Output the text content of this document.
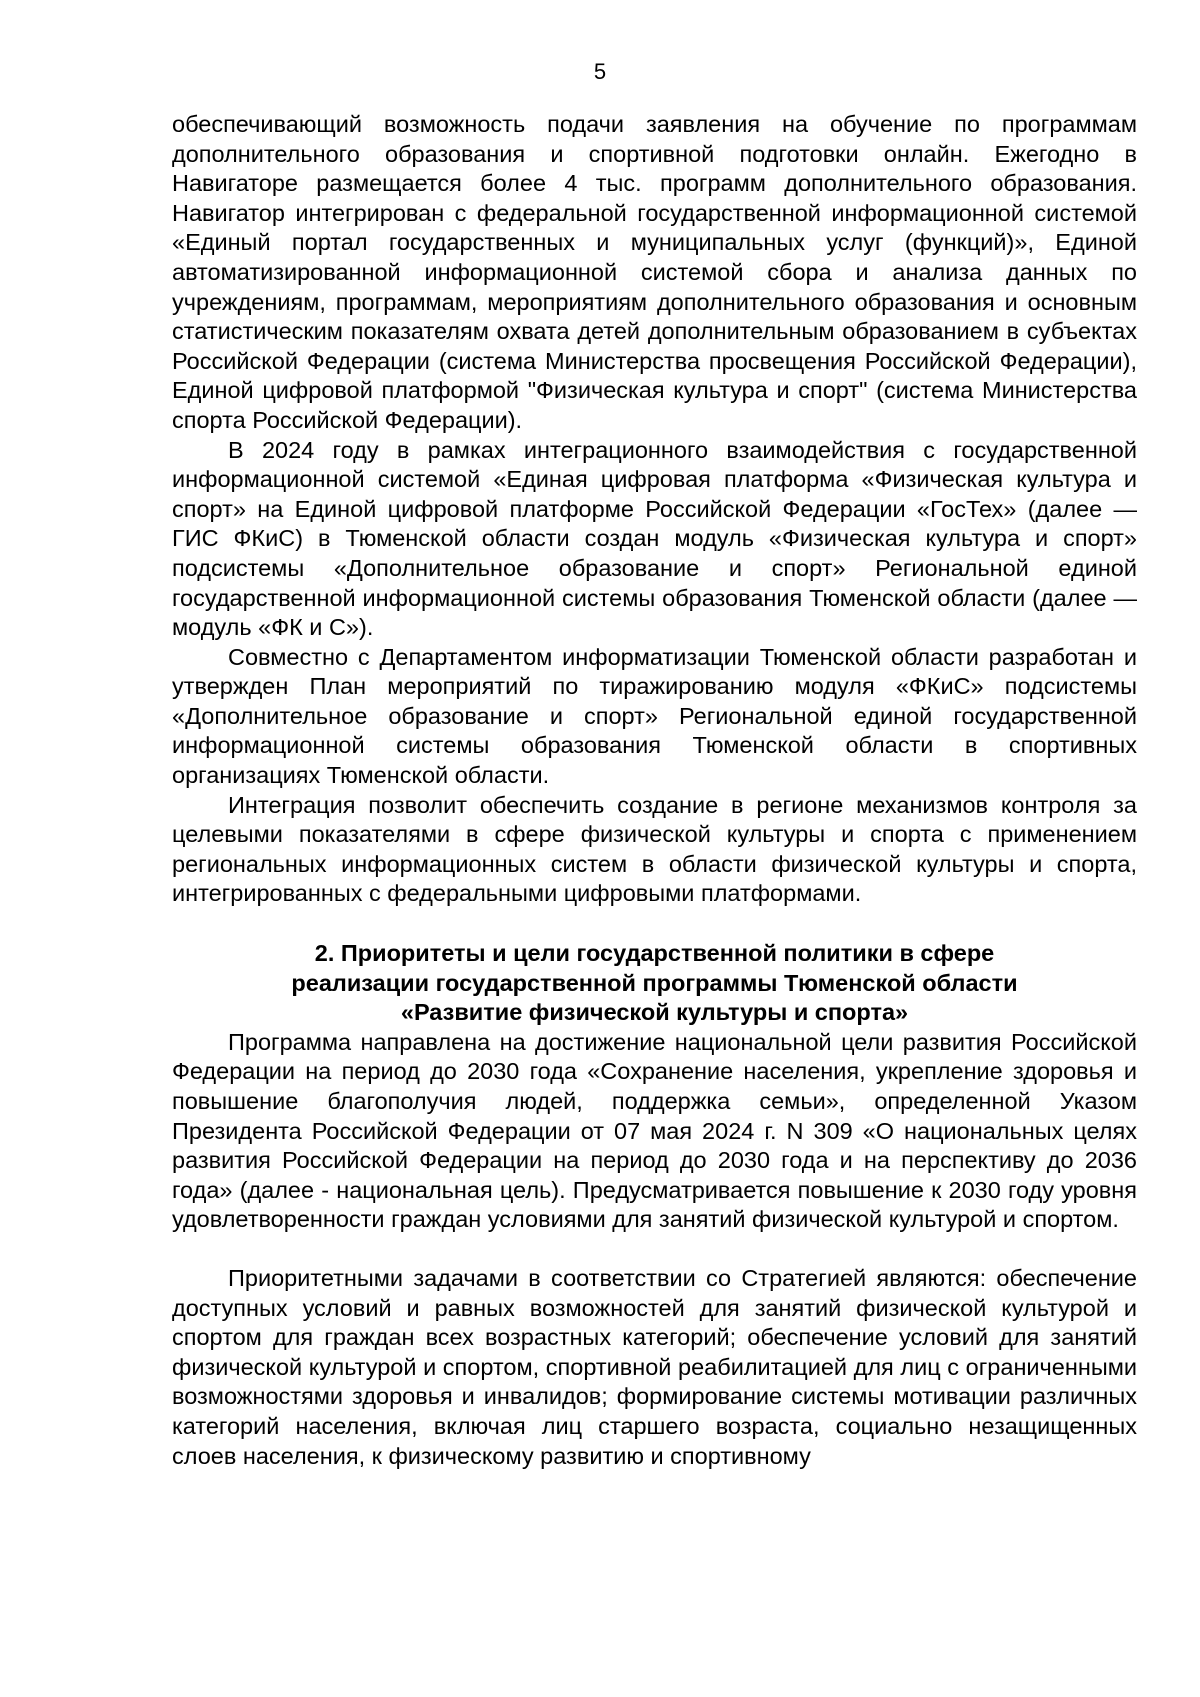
5

обеспечивающий возможность подачи заявления на обучение по программам дополнительного образования и спортивной подготовки онлайн. Ежегодно в Навигаторе размещается более 4 тыс. программ дополнительного образования. Навигатор интегрирован с федеральной государственной информационной системой «Единый портал государственных и муниципальных услуг (функций)», Единой автоматизированной информационной системой сбора и анализа данных по учреждениям, программам, мероприятиям дополнительного образования и основным статистическим показателям охвата детей дополнительным образованием в субъектах Российской Федерации (система Министерства просвещения Российской Федерации), Единой цифровой платформой "Физическая культура и спорт" (система Министерства спорта Российской Федерации).

В 2024 году в рамках интеграционного взаимодействия с государственной информационной системой «Единая цифровая платформа «Физическая культура и спорт» на Единой цифровой платформе Российской Федерации «ГосТех» (далее — ГИС ФКиС) в Тюменской области создан модуль «Физическая культура и спорт» подсистемы «Дополнительное образование и спорт» Региональной единой государственной информационной системы образования Тюменской области (далее — модуль «ФК и С»).

Совместно с Департаментом информатизации Тюменской области разработан и утвержден План мероприятий по тиражированию модуля «ФКиС» подсистемы «Дополнительное образование и спорт» Региональной единой государственной информационной системы образования Тюменской области в спортивных организациях Тюменской области.

Интеграция позволит обеспечить создание в регионе механизмов контроля за целевыми показателями в сфере физической культуры и спорта с применением региональных информационных систем в области физической культуры и спорта, интегрированных с федеральными цифровыми платформами.

2. Приоритеты и цели государственной политики в сфере
реализации государственной программы Тюменской области
«Развитие физической культуры и спорта»

Программа направлена на достижение национальной цели развития Российской Федерации на период до 2030 года «Сохранение населения, укрепление здоровья и повышение благополучия людей, поддержка семьи», определенной Указом Президента Российской Федерации от 07 мая 2024 г. N 309 «О национальных целях развития Российской Федерации на период до 2030 года и на перспективу до 2036 года» (далее - национальная цель). Предусматривается повышение к 2030 году уровня удовлетворенности граждан условиями для занятий физической культурой и спортом.

Приоритетными задачами в соответствии со Стратегией являются: обеспечение доступных условий и равных возможностей для занятий физической культурой и спортом для граждан всех возрастных категорий; обеспечение условий для занятий физической культурой и спортом, спортивной реабилитацией для лиц с ограниченными возможностями здоровья и инвалидов; формирование системы мотивации различных категорий населения, включая лиц старшего возраста, социально незащищенных слоев населения, к физическому развитию и спортивному
